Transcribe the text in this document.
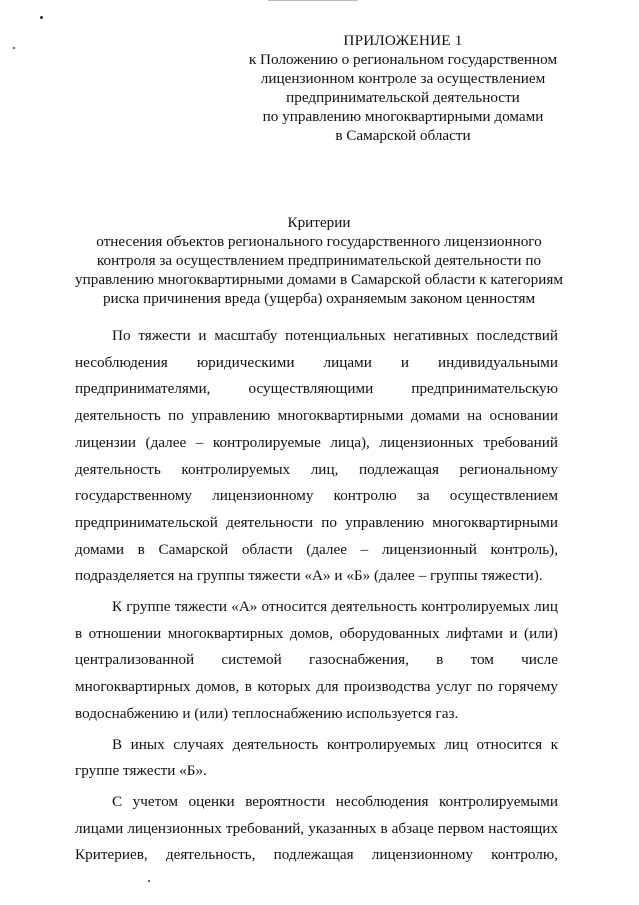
ПРИЛОЖЕНИЕ 1
к Положению о региональном государственном
лицензионном контроле за осуществлением
предпринимательской деятельности
по управлению многоквартирными домами
в Самарской области
Критерии
отнесения объектов регионального государственного лицензионного
контроля за осуществлением предпринимательской деятельности по
управлению многоквартирными домами в Самарской области к категориям
риска причинения вреда (ущерба) охраняемым законом ценностям

По тяжести и масштабу потенциальных негативных последствий несоблюдения юридическими лицами и индивидуальными предпринимателями, осуществляющими предпринимательскую деятельность по управлению многоквартирными домами на основании лицензии (далее – контролируемые лица), лицензионных требований деятельность контролируемых лиц, подлежащая региональному государственному лицензионному контролю за осуществлением предпринимательской деятельности по управлению многоквартирными домами в Самарской области (далее – лицензионный контроль), подразделяется на группы тяжести «А» и «Б» (далее – группы тяжести).

К группе тяжести «А» относится деятельность контролируемых лиц в отношении многоквартирных домов, оборудованных лифтами и (или) централизованной системой газоснабжения, в том числе многоквартирных домов, в которых для производства услуг по горячему водоснабжению и (или) теплоснабжению используется газ.

В иных случаях деятельность контролируемых лиц относится к группе тяжести «Б».

С учетом оценки вероятности несоблюдения контролируемыми лицами лицензионных требований, указанных в абзаце первом настоящих Критериев, деятельность, подлежащая лицензионному контролю,
